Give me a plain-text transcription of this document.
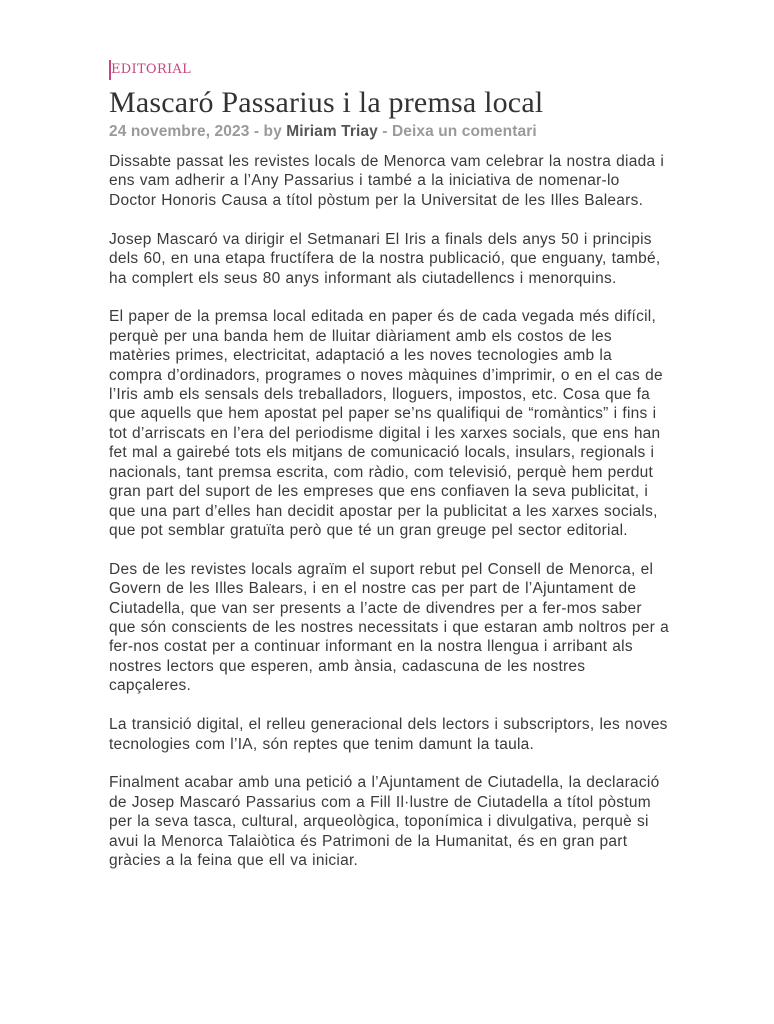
EDITORIAL
Mascaró Passarius i la premsa local
24 novembre, 2023 - by Miriam Triay - Deixa un comentari

Dissabte passat les revistes locals de Menorca vam celebrar la nostra diada i ens vam adherir a l’Any Passarius i també a la iniciativa de nomenar-lo Doctor Honoris Causa a títol pòstum per la Universitat de les Illes Balears.

Josep Mascaró va dirigir el Setmanari El Iris a finals dels anys 50 i principis dels 60, en una etapa fructífera de la nostra publicació, que enguany, també, ha complert els seus 80 anys informant als ciutadellencs i menorquins.

El paper de la premsa local editada en paper és de cada vegada més difícil, perquè per una banda hem de lluitar diàriament amb els costos de les matèries primes, electricitat, adaptació a les noves tecnologies amb la compra d’ordinadors, programes o noves màquines d’imprimir, o en el cas de l’Iris amb els sensals dels treballadors, lloguers, impostos, etc. Cosa que fa que aquells que hem apostat pel paper se’ns qualifiqui de “romàntics” i fins i tot d’arriscats en l’era del periodisme digital i les xarxes socials, que ens han fet mal a gairebé tots els mitjans de comunicació locals, insulars, regionals i nacionals, tant premsa escrita, com ràdio, com televisió, perquè hem perdut gran part del suport de les empreses que ens confiaven la seva publicitat, i que una part d’elles han decidit apostar per la publicitat a les xarxes socials, que pot semblar gratuïta però que té un gran greuge pel sector editorial.

Des de les revistes locals agraïm el suport rebut pel Consell de Menorca, el Govern de les Illes Balears, i en el nostre cas per part de l’Ajuntament de Ciutadella, que van ser presents a l’acte de divendres per a fer-mos saber que són conscients de les nostres necessitats i que estaran amb noltros per a fer-nos costat per a continuar informant en la nostra llengua i arribant als nostres lectors que esperen, amb ànsia, cadascuna de les nostres capçaleres.

La transició digital, el relleu generacional dels lectors i subscriptors, les noves tecnologies com l’IA, són reptes que tenim damunt la taula.

Finalment acabar amb una petició a l’Ajuntament de Ciutadella, la declaració de Josep Mascaró Passarius com a Fill Il·lustre de Ciutadella a títol pòstum per la seva tasca, cultural, arqueològica, toponímica i divulgativa, perquè si avui la Menorca Talaiòtica és Patrimoni de la Humanitat, és en gran part gràcies a la feina que ell va iniciar.
